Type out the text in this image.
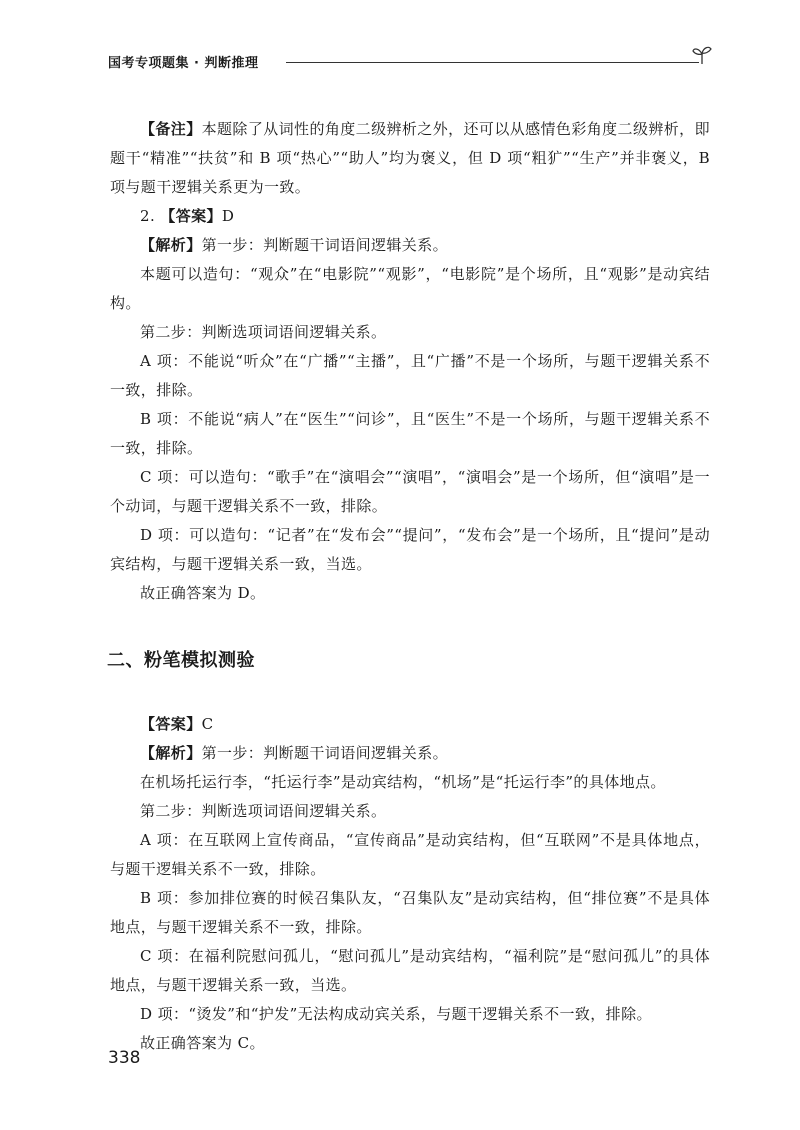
国考专项题集 · 判断推理

【备注】本题除了从词性的角度二级辨析之外，还可以从感情色彩角度二级辨析，即题干“精准”“扶贫”和 B 项“热心”“助人”均为褒义，但 D 项“粗犷”“生产”并非褒义，B 项与题干逻辑关系更为一致。

2. 【答案】D

【解析】第一步：判断题干词语间逻辑关系。

本题可以造句：“观众”在“电影院”“观影”，“电影院”是个场所，且“观影”是动宾结构。

第二步：判断选项词语间逻辑关系。

A 项：不能说“听众”在“广播”“主播”，且“广播”不是一个场所，与题干逻辑关系不一致，排除。

B 项：不能说“病人”在“医生”“问诊”，且“医生”不是一个场所，与题干逻辑关系不一致，排除。

C 项：可以造句：“歌手”在“演唱会”“演唱”，“演唱会”是一个场所，但“演唱”是一个动词，与题干逻辑关系不一致，排除。

D 项：可以造句：“记者”在“发布会”“提问”，“发布会”是一个场所，且“提问”是动宾结构，与题干逻辑关系一致，当选。

故正确答案为 D。

二、粉笔模拟测验

【答案】C

【解析】第一步：判断题干词语间逻辑关系。

在机场托运行李，“托运行李”是动宾结构，“机场”是“托运行李”的具体地点。

第二步：判断选项词语间逻辑关系。

A 项：在互联网上宣传商品，“宣传商品”是动宾结构，但“互联网”不是具体地点，与题干逻辑关系不一致，排除。

B 项：参加排位赛的时候召集队友，“召集队友”是动宾结构，但“排位赛”不是具体地点，与题干逻辑关系不一致，排除。

C 项：在福利院慰问孤儿，“慰问孤儿”是动宾结构，“福利院”是“慰问孤儿”的具体地点，与题干逻辑关系一致，当选。

D 项：“烫发”和“护发”无法构成动宾关系，与题干逻辑关系不一致，排除。

故正确答案为 C。

338
